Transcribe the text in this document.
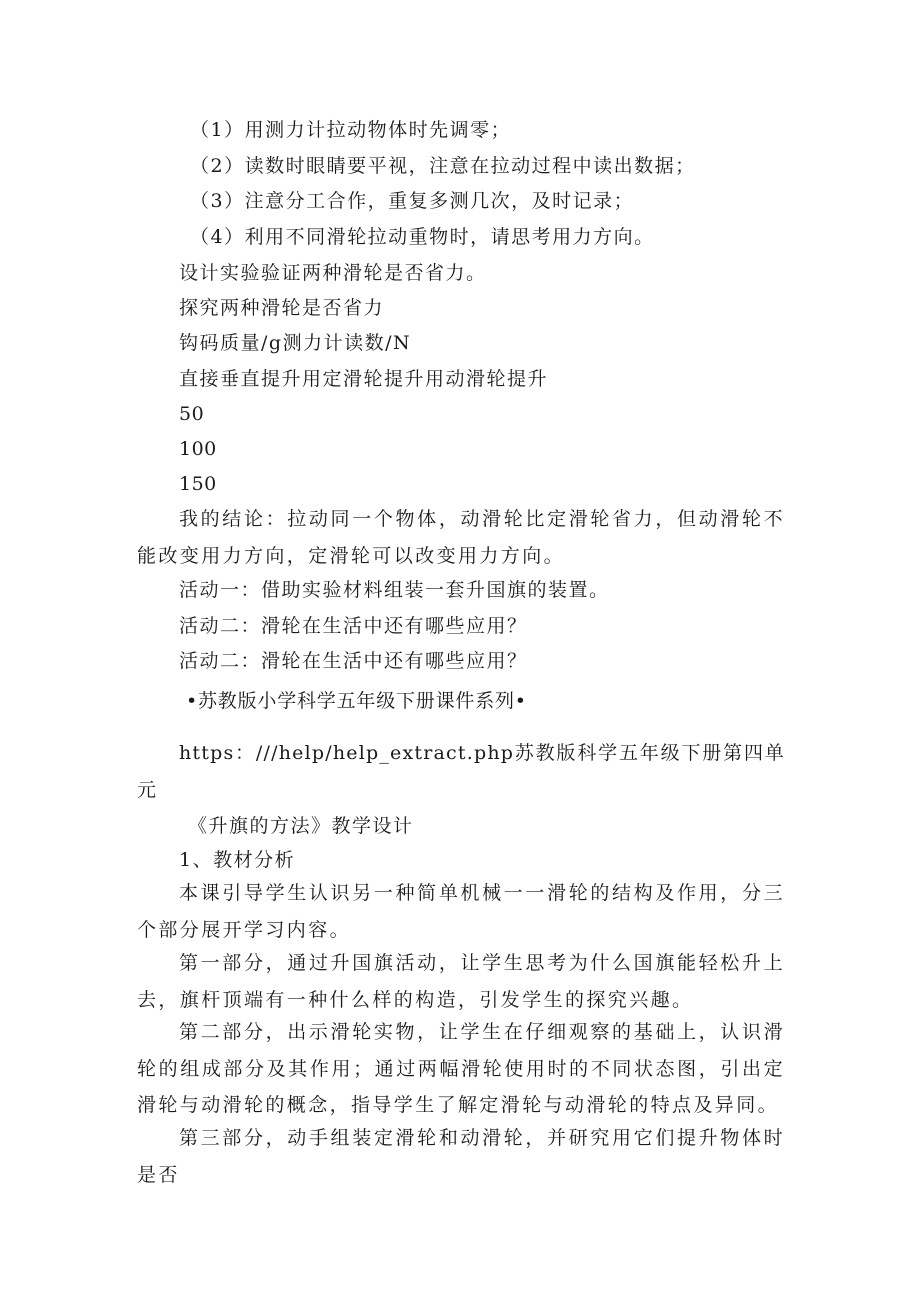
（1）用测力计拉动物体时先调零；
（2）读数时眼睛要平视，注意在拉动过程中读出数据；
（3）注意分工合作，重复多测几次，及时记录；
（4）利用不同滑轮拉动重物时，请思考用力方向。
设计实验验证两种滑轮是否省力。
探究两种滑轮是否省力
钩码质量/g测力计读数/N
直接垂直提升用定滑轮提升用动滑轮提升
50
100
150
我的结论：拉动同一个物体，动滑轮比定滑轮省力，但动滑轮不能改变用力方向，定滑轮可以改变用力方向。
活动一：借助实验材料组装一套升国旗的装置。
活动二：滑轮在生活中还有哪些应用？
活动二：滑轮在生活中还有哪些应用？
•苏教版小学科学五年级下册课件系列•
https：///help/help_extract.php苏教版科学五年级下册第四单元
《升旗的方法》教学设计
1、教材分析
本课引导学生认识另一种简单机械一一滑轮的结构及作用，分三个部分展开学习内容。
第一部分，通过升国旗活动，让学生思考为什么国旗能轻松升上去，旗杆顶端有一种什么样的构造，引发学生的探究兴趣。
第二部分，出示滑轮实物，让学生在仔细观察的基础上，认识滑轮的组成部分及其作用；通过两幅滑轮使用时的不同状态图，引出定滑轮与动滑轮的概念，指导学生了解定滑轮与动滑轮的特点及异同。
第三部分，动手组装定滑轮和动滑轮，并研究用它们提升物体时是否
